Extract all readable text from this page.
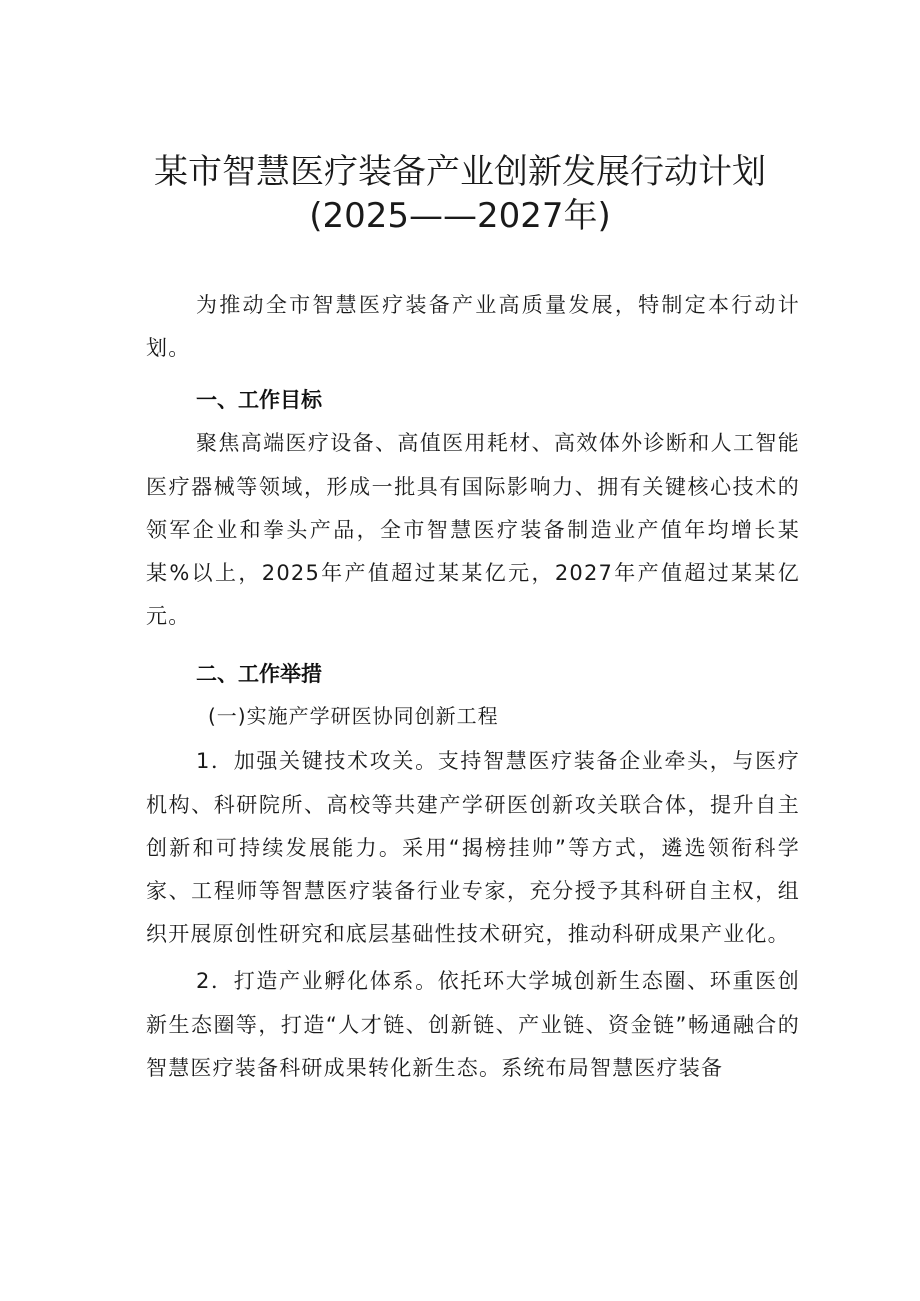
某市智慧医疗装备产业创新发展行动计划
(2025——2027年)

为推动全市智慧医疗装备产业高质量发展，特制定本行动计划。

一、工作目标

聚焦高端医疗设备、高值医用耗材、高效体外诊断和人工智能医疗器械等领域，形成一批具有国际影响力、拥有关键核心技术的领军企业和拳头产品，全市智慧医疗装备制造业产值年均增长某某%以上，2025年产值超过某某亿元，2027年产值超过某某亿元。

二、工作举措

(一)实施产学研医协同创新工程

1．加强关键技术攻关。支持智慧医疗装备企业牵头，与医疗机构、科研院所、高校等共建产学研医创新攻关联合体，提升自主创新和可持续发展能力。采用“揭榜挂帅”等方式，遴选领衔科学家、工程师等智慧医疗装备行业专家，充分授予其科研自主权，组织开展原创性研究和底层基础性技术研究，推动科研成果产业化。

2．打造产业孵化体系。依托环大学城创新生态圈、环重医创新生态圈等，打造“人才链、创新链、产业链、资金链”畅通融合的智慧医疗装备科研成果转化新生态。系统布局智慧医疗装备
